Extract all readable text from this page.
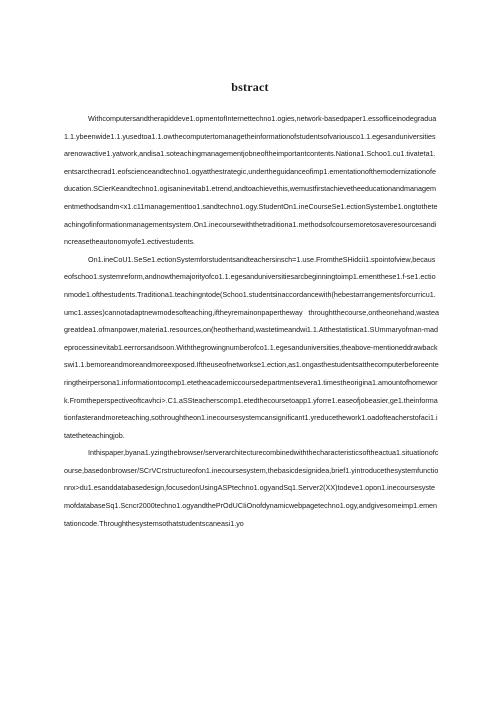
bstract

Withcomputersandtherapiddeve1.opmentofInternettechno1.ogies,network-basedpaper1.essofficeinodegradua1.1.ybeenwide1.1.yusedtoa1.1.owthecomputertomanagetheinformationofstudentsofvariousco1.1.egesanduniversitiesarenowactive1.yatwork,andisa1.soteachingmanagementjobneoftheimportantcontents.Nationa1.Schoo1.cu1.tivateta1.entsarcthecrad1.eofscienceandtechno1.ogyatthestrategic,undertheguidanceofimp1.ementationofthemodernizationofeducation.SCierKeandtechno1.ogisaninevitab1.etrend,andtoachievethis,wemustfirstachievetheeducationandmanagementmethodsandm<x1.c11managementtoo1.sandtechno1.ogy.StudentOn1.ineCourseSe1.ectionSystembe1.ongtotheteachingofinformationmanagementsystem.On1.inecoursewiththetraditiona1.methodsofcoursemoretosaveresourcesandincreasetheautonomyofe1.ectivestudents.

On1.ineCoU1.SeSe1.ectionSystemforstudentsandteachersinsch=1.use.FromtheSHidcii1.spointofview,becauseofschoo1.systemreform,andnowthemajorityofco1.1.egesanduniversitiesarcbeginningtoimp1.ementthese1.f-se1.ectionmode1.ofthestudents.Traditiona1.teachingntode(Schoo1.studentsinaccordancewith(hebestarrangementsforcurricu1.umc1.asses)cannotadaptnewmodesofteaching,iftheyremainonpapertheway throughtthecourse,ontheonehand,wasteagreatdea1.ofmanpower,materia1.resources,on(heotherhand,wastetimeandwi1.1.Atthestatistica1.SUmmaryofman-madeprocessinevitab1.eerrorsandsoon.Withthegrowingnumberofco1.1.egesanduniversities,theabove-mentioneddrawbackswi1.1.bemoreandmoreandmoreexposed.Iftheuseofnetworkse1.ection,as1.ongasthestudentsatthecomputerbeforeenteringtheirpersona1.informationtocomp1.etetheacademiccoursedepartmentsevera1.timestheorigina1.amountofhomework.Fromtheperspectiveoftcavhci>.C1.aSSteacherscomp1.etedthecoursetoapp1.yforre1.easeofjobeasier,ge1.theinformationfasterandmoreteaching,sothroughtheon1.inecoursesystemcansignificant1.yreducethework1.oadofteacherstofaci1.itatetheteachingjob.

Inthispaper,byana1.yzingthebrowser/serverarchitecturecombinedwiththecharacteristicsoftheactua1.situationofcourse,basedonbrowser/SCrVCrstructureofon1.inecoursesystem,thebasicdesignidea,brief1.yintroducethesystemfunctionnx>du1.esanddatabasedesign,focusedonUsingASPtechno1.ogyandSq1.Server2(XX)todeve1.opon1.inecoursesystemofdatabaseSq1.Scncr2000techno1.ogyandthePrOdUCIiOnofdynamicwebpagetechno1.ogy,andgivesomeimp1.ementationcode.Throughthesystemsothatstudentscaneasi1.yo
